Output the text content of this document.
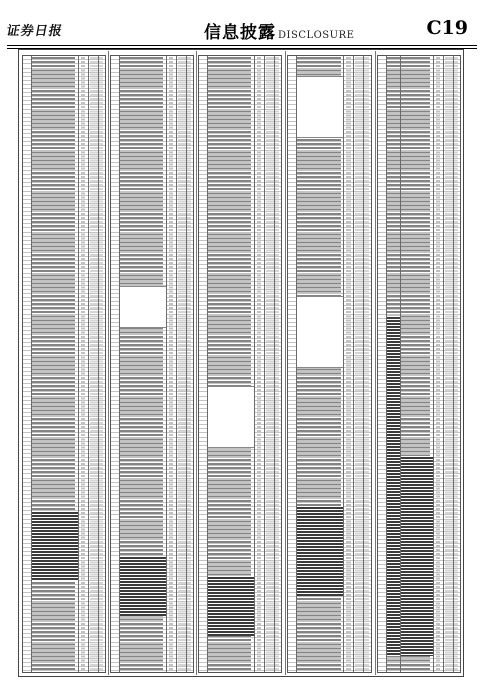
证券日报	信息披露 DISCLOSURE	C19
